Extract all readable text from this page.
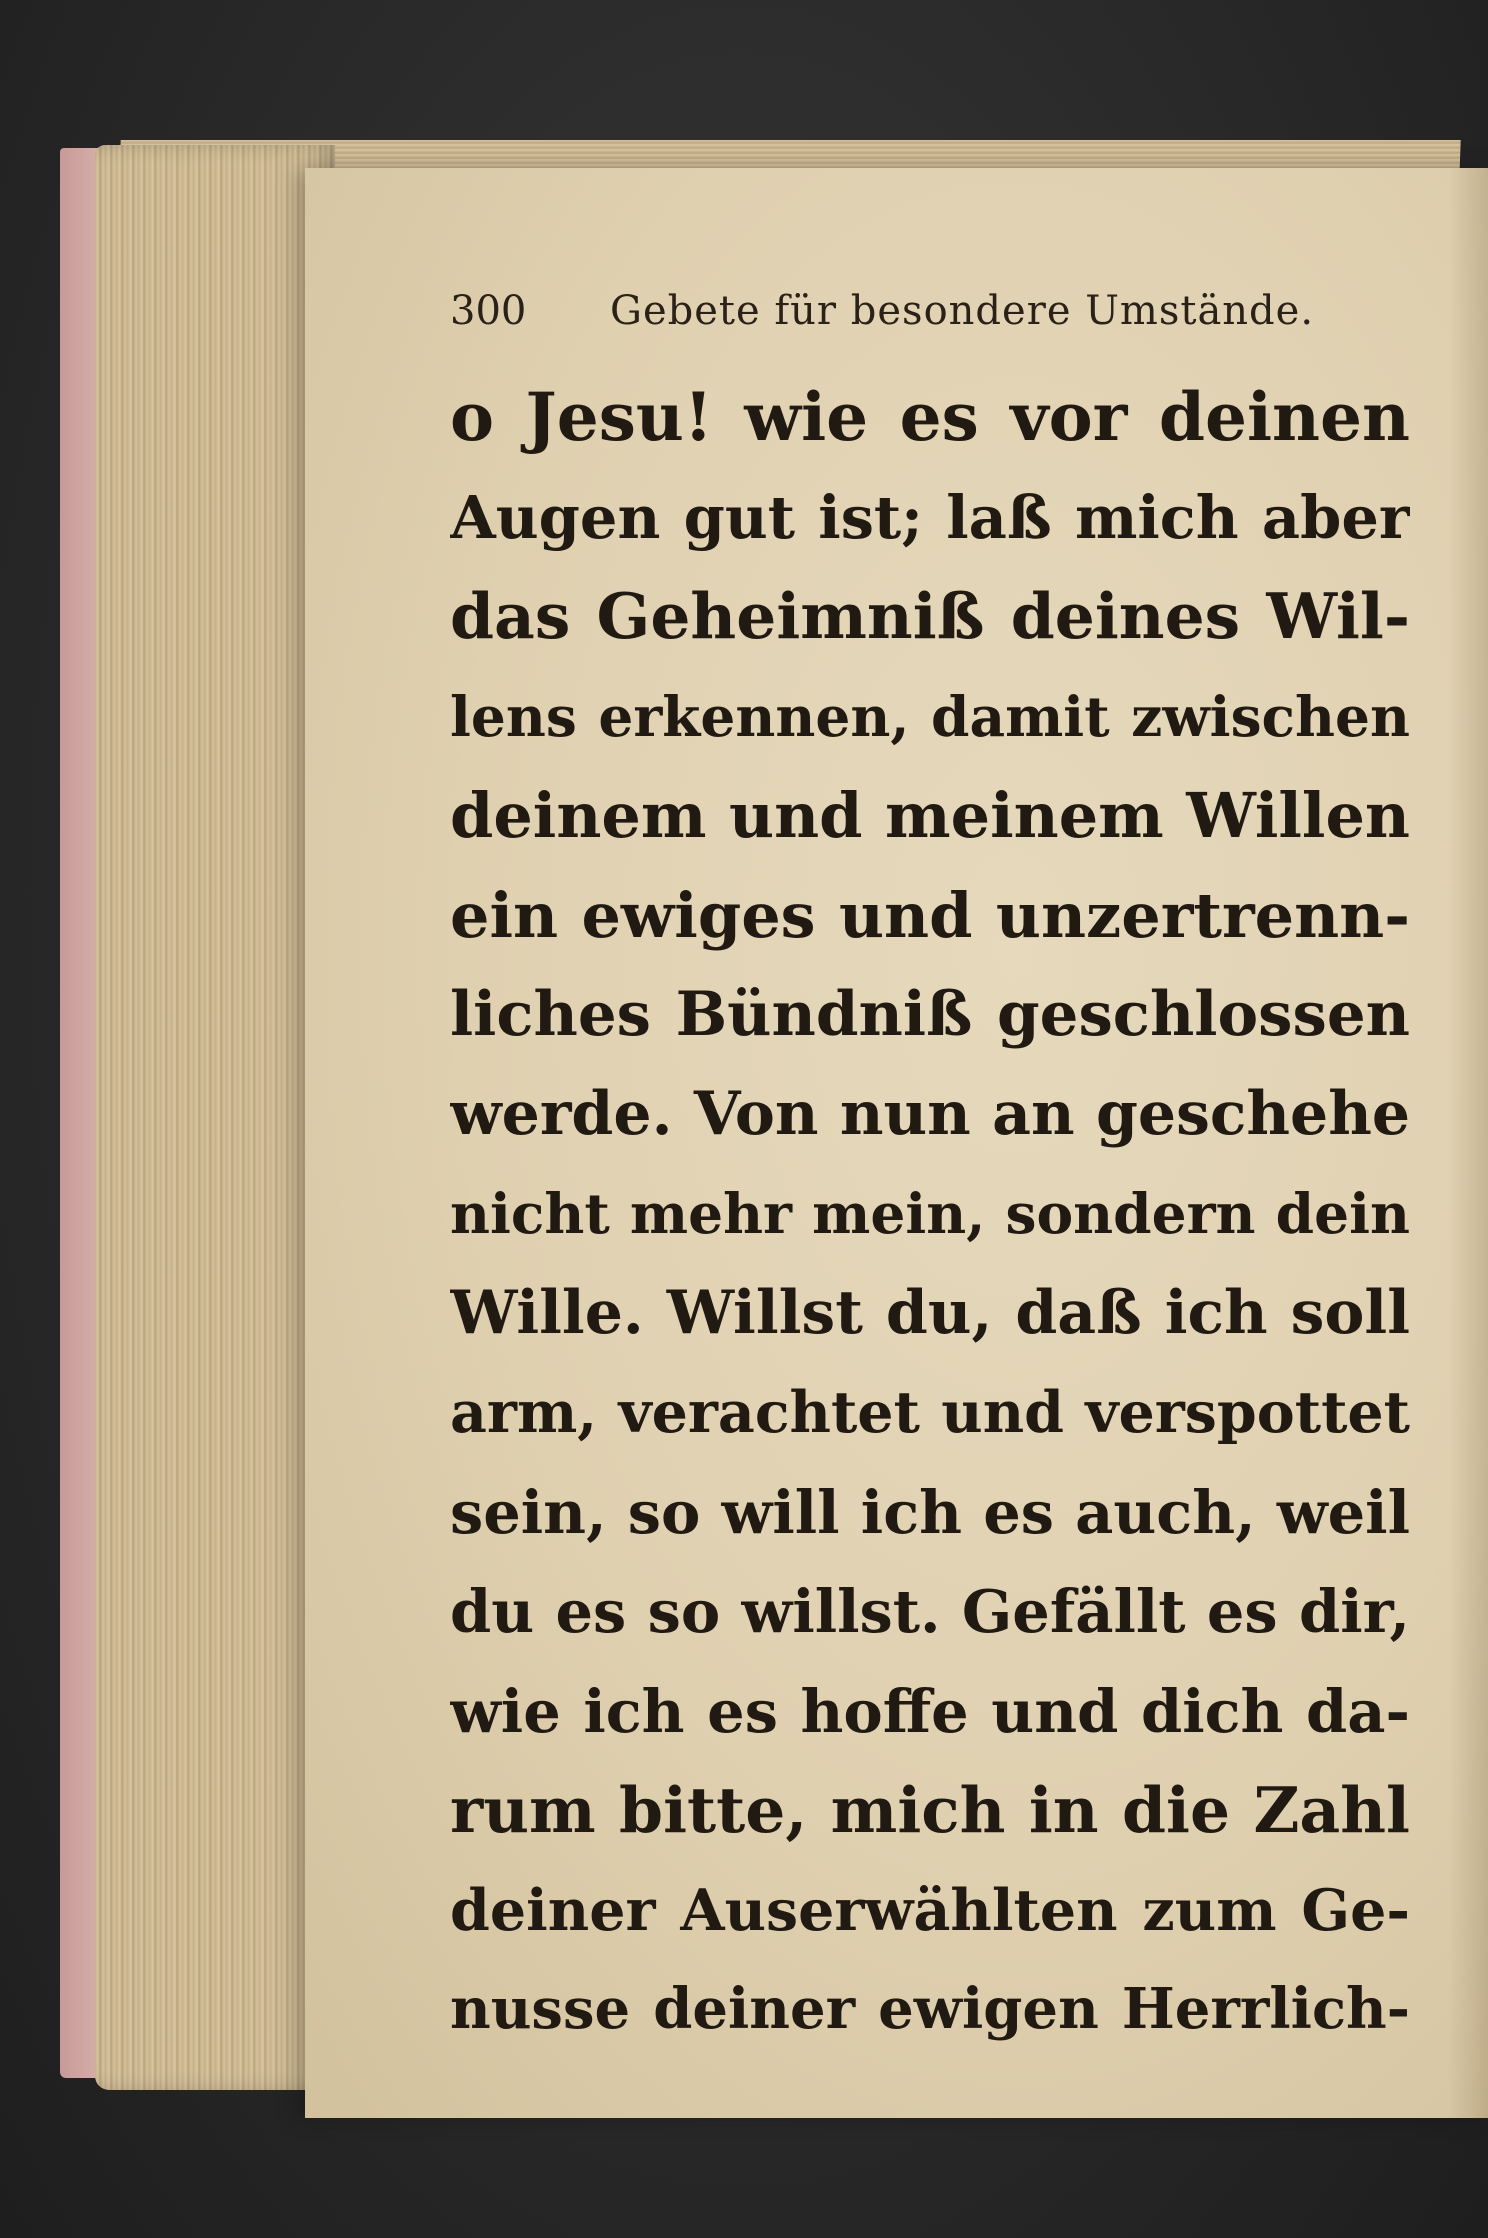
300 Gebete für besondere Umstände.
o Jesu! wie es vor deinen
Augen gut ist; laß mich aber
das Geheimniß deines Wil-
lens erkennen, damit zwischen
deinem und meinem Willen
ein ewiges und unzertrenn-
liches Bündniß geschlossen
werde. Von nun an geschehe
nicht mehr mein, sondern dein
Wille. Willst du, daß ich soll
arm, verachtet und verspottet
sein, so will ich es auch, weil
du es so willst. Gefällt es dir,
wie ich es hoffe und dich da-
rum bitte, mich in die Zahl
deiner Auserwählten zum Ge-
nusse deiner ewigen Herrlich-
